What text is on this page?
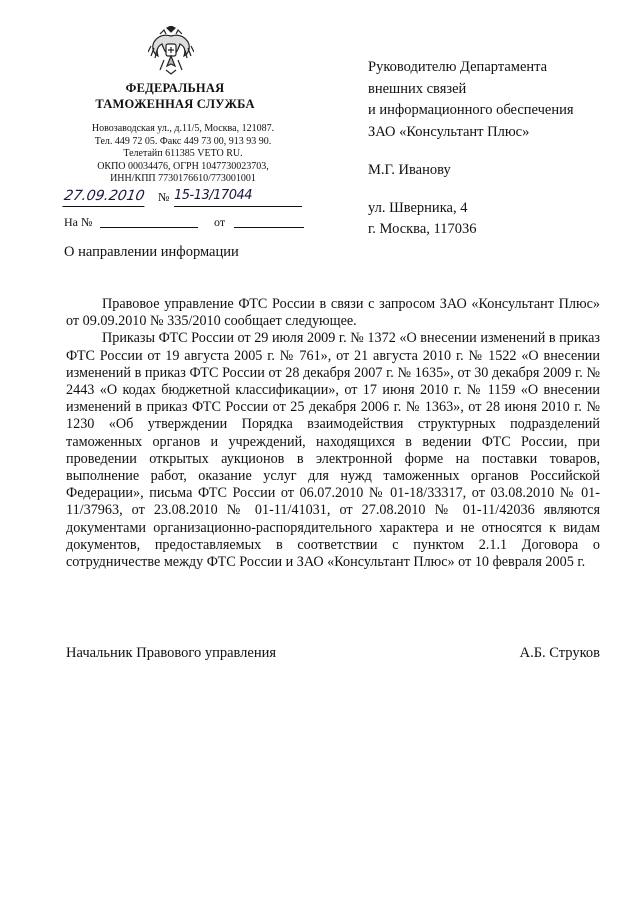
ФЕДЕРАЛЬНАЯ
ТАМОЖЕННАЯ СЛУЖБА
Новозаводская ул., д.11/5, Москва, 121087.
Тел. 449 72 05. Факс 449 73 00, 913 93 90.
Телетайп 611385 VETO RU.
ОКПО 00034476, ОГРН 1047730023703,
ИНН/КПП 7730176610/773001001
27.09.2010 № 15-13/17044
На №	от
О направлении информации
Руководителю Департамента
внешних связей
и информационного обеспечения
ЗАО «Консультант Плюс»
М.Г. Иванову
ул. Шверника, 4
г. Москва, 117036

Правовое управление ФТС России в связи с запросом ЗАО «Консультант Плюс» от 09.09.2010 № 335/2010 сообщает следующее.

Приказы ФТС России от 29 июля 2009 г. № 1372 «О внесении изменений в приказ ФТС России от 19 августа 2005 г. № 761», от 21 августа 2010 г. № 1522 «О внесении изменений в приказ ФТС России от 28 декабря 2007 г. № 1635», от 30 декабря 2009 г. № 2443 «О кодах бюджетной классификации», от 17 июня 2010 г. № 1159 «О внесении изменений в приказ ФТС России от 25 декабря 2006 г. № 1363», от 28 июня 2010 г. № 1230 «Об утверждении Порядка взаимодействия структурных подразделений таможенных органов и учреждений, находящихся в ведении ФТС России, при проведении открытых аукционов в электронной форме на поставки товаров, выполнение работ, оказание услуг для нужд таможенных органов Российской Федерации», письма ФТС России от 06.07.2010 № 01-18/33317, от 03.08.2010 № 01-11/37963, от 23.08.2010 № 01-11/41031, от 27.08.2010 № 01-11/42036 являются документами организационно-распорядительного характера и не относятся к видам документов, предоставляемых в соответствии с пунктом 2.1.1 Договора о сотрудничестве между ФТС России и ЗАО «Консультант Плюс» от 10 февраля 2005 г.

Начальник Правового управления	А.Б. Струков
